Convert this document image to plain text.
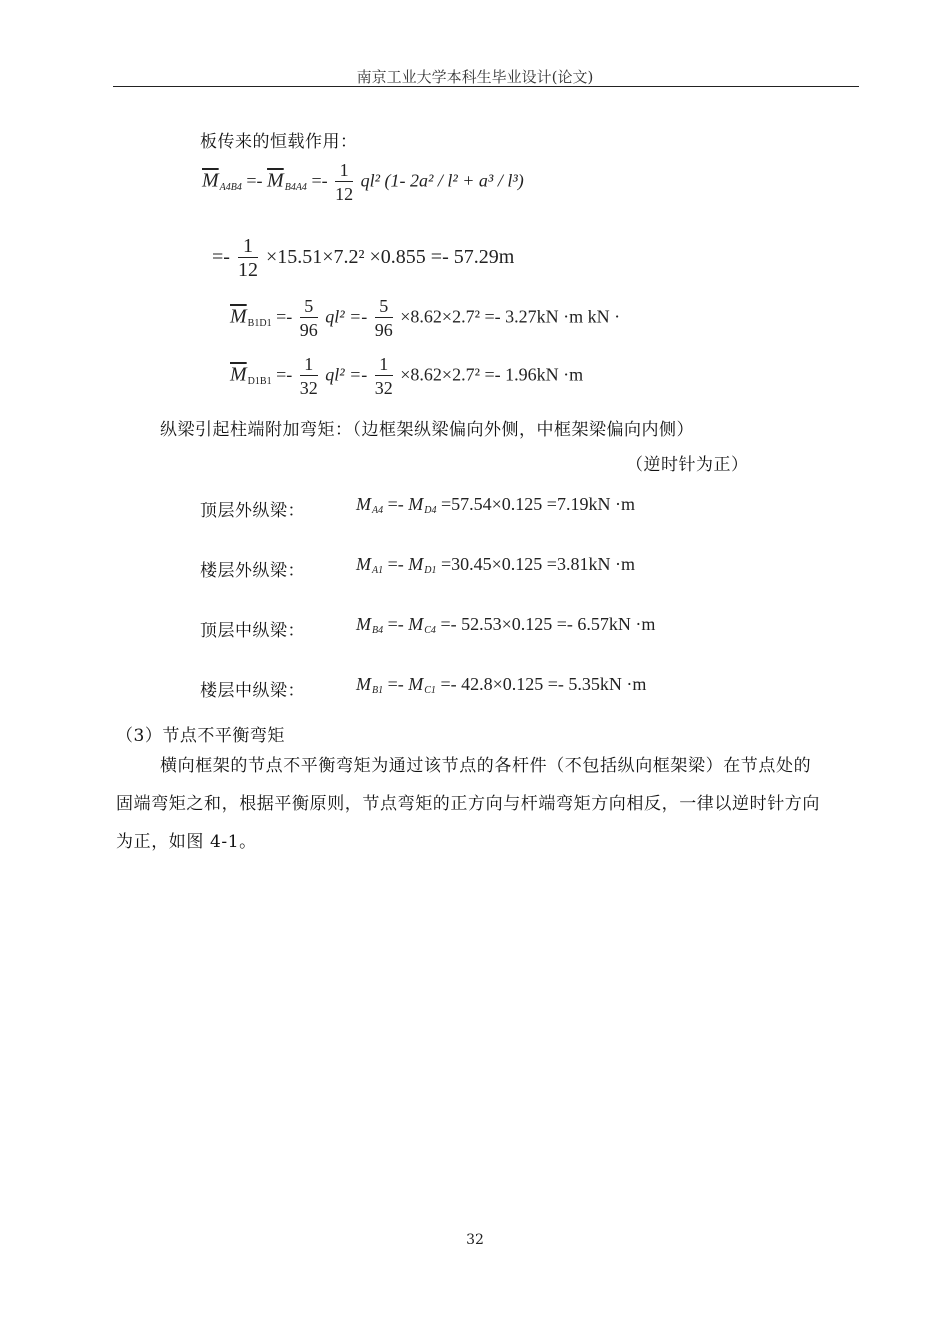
南京工业大学本科生毕业设计(论文)
板传来的恒载作用：
$\overline{M}_{A4B4} =- \overline{M}_{B4A4} =- \frac{1}{12} ql^2$ (1- 2a² / l² + a³ / l³)
=- $\frac{1}{12} \times 15.51\times 7.2^2 \times 0.855 =- 57.29m$
$\overline{M}B1D1 =- \frac{5}{96} ql^2 =- \frac{5}{96} \times 8.62\times 2.7^2 =- 3.27kN \cdot m$ kN ·
$\overline{M}D1B1 =- \frac{1}{32} ql^2 =- \frac{1}{32} \times 8.62\times 2.7^2 =- 1.96kN \cdot m$
纵梁引起柱端附加弯矩：（边框架纵梁偏向外侧，中框架梁偏向内侧）
（逆时针为正）
顶层外纵梁：	$M_{A4} =- M_{D4} =57.54\times 0.125 =7.19kN \cdot m$
楼层外纵梁：	$M_{A1} =- M_{D1} =30.45\times 0.125 =3.81kN \cdot m$
顶层中纵梁：	$M_{B4} =- M_{C4} =- 52.53\times 0.125 =- 6.57kN \cdot m$
楼层中纵梁：	$M_{B1} =- M_{C1} =- 42.8\times 0.125 =- 5.35kN \cdot m$
（3）节点不平衡弯矩
横向框架的节点不平衡弯矩为通过该节点的各杆件（不包括纵向框架梁）在节点处的
固端弯矩之和，根据平衡原则，节点弯矩的正方向与杆端弯矩方向相反，一律以逆时针方向
为正，如图 4-1。
32
